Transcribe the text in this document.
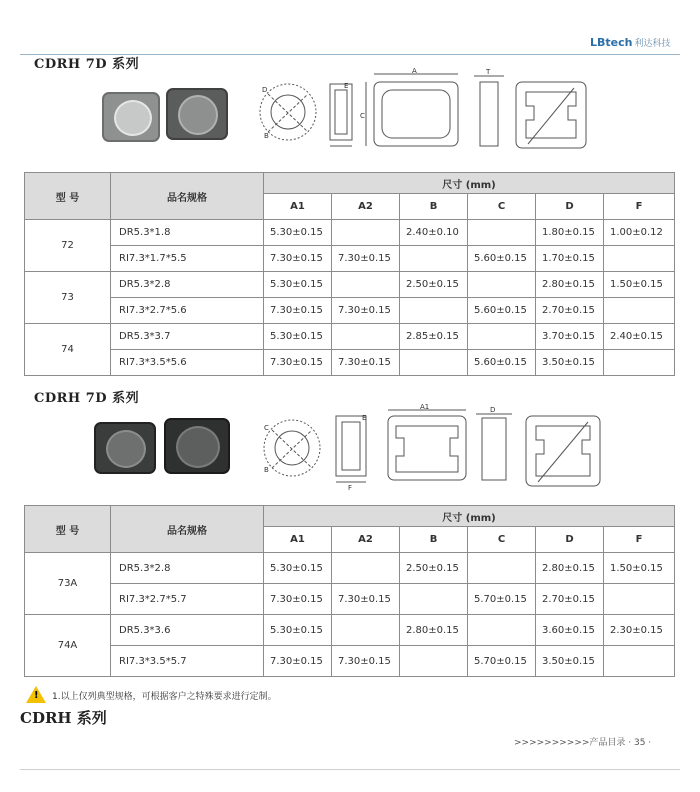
LBtech 利达科技
CDRH 7D 系列
D
B
E
A
C
T
型 号	品名规格	尺寸 (mm)					
		A1	A2	B	C	D	F
72	DR5.3*1.8	5.30±0.15		2.40±0.10		1.80±0.15	1.00±0.12
	RI7.3*1.7*5.5	7.30±0.15	7.30±0.15		5.60±0.15	1.70±0.15	
73	DR5.3*2.8	5.30±0.15		2.50±0.15		2.80±0.15	1.50±0.15
	RI7.3*2.7*5.6	7.30±0.15	7.30±0.15		5.60±0.15	2.70±0.15	
74	DR5.3*3.7	5.30±0.15		2.85±0.15		3.70±0.15	2.40±0.15
	RI7.3*3.5*5.6	7.30±0.15	7.30±0.15		5.60±0.15	3.50±0.15	
CDRH 7D 系列
C
B
E
F
A1	D
型 号	品名规格	尺寸 (mm)					
		A1	A2	B	C	D	F
73A	DR5.3*2.8	5.30±0.15		2.50±0.15		2.80±0.15	1.50±0.15
	RI7.3*2.7*5.7	7.30±0.15	7.30±0.15		5.70±0.15	2.70±0.15	
74A	DR5.3*3.6	5.30±0.15		2.80±0.15		3.60±0.15	2.30±0.15
	RI7.3*3.5*5.7	7.30±0.15	7.30±0.15		5.70±0.15	3.50±0.15	
! 1.以上仅列典型规格，可根据客户之特殊要求进行定制。
CDRH 系列
>>>>>>>>>>产品目录 · 35 ·
